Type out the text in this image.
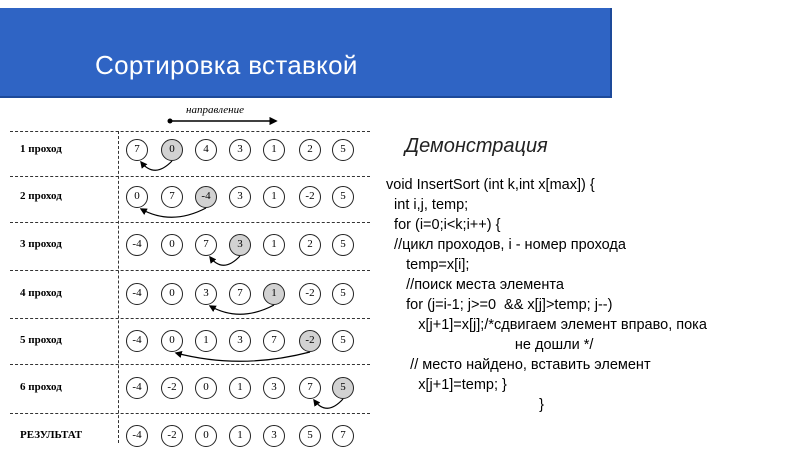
Сортировка вставкой
направление
1 проход	7	0	4	3	1	2	5
2 проход	0	7	-4	3	1	-2	5
3 проход	-4	0	7	3	1	2	5
4 проход	-4	0	3	7	1	-2	5
5 проход	-4	0	1	3	7	-2	5
6 проход	-4	-2	0	1	3	7	5
РЕЗУЛЬТАТ	-4	-2	0	1	3	5	7
Демонстрация
void InsertSort (int k,int x[max]) {
int i,j, temp;
for (i=0;i<k;i++) {
//цикл проходов, i - номер прохода
temp=x[i];
//поиск места элемента
for (j=i-1; j>=0  && x[j]>temp; j--)
x[j+1]=x[j];/*сдвигаем элемент вправо, пока
не дошли */
// место найдено, вставить элемент
x[j+1]=temp; }
}
